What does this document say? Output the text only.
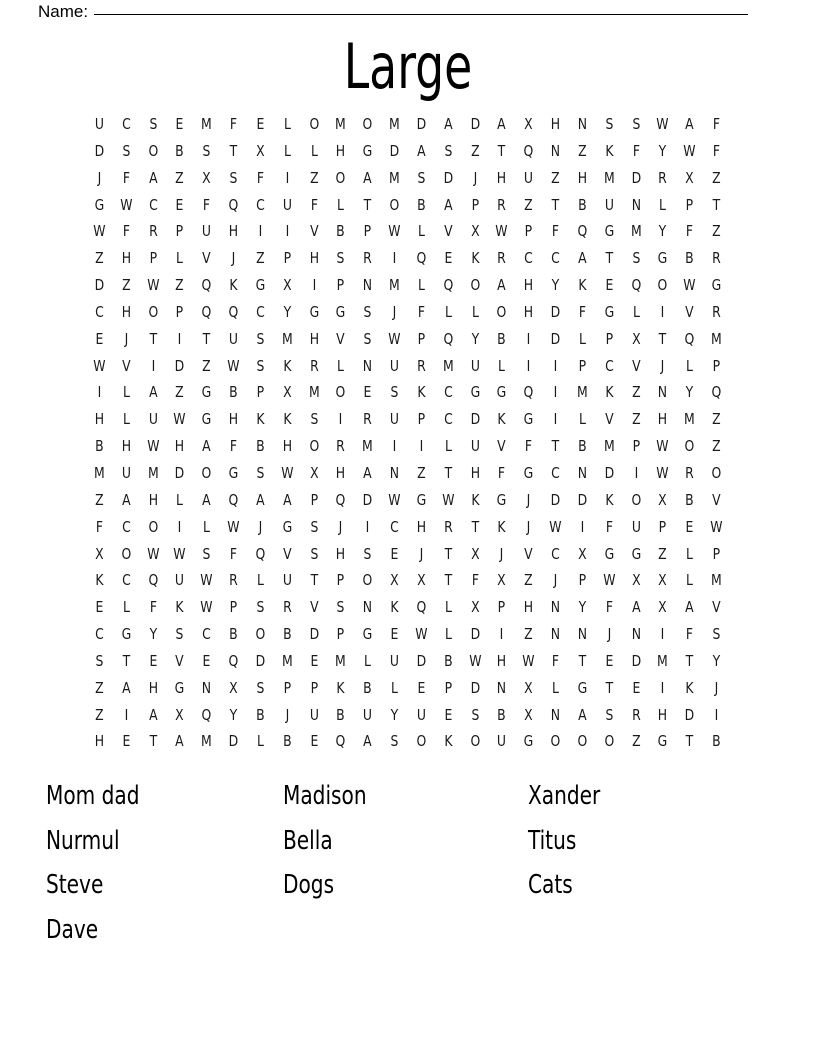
Name:
Large
U	C	S	E	M	F	E	L	O	M	O	M	D	A	D	A	X	H	N	S	S	W	A	F
D	S	O	B	S	T	X	L	L	H	G	D	A	S	Z	T	Q	N	Z	K	F	Y	W	F
J	F	A	Z	X	S	F	I	Z	O	A	M	S	D	J	H	U	Z	H	M	D	R	X	Z
G	W	C	E	F	Q	C	U	F	L	T	O	B	A	P	R	Z	T	B	U	N	L	P	T
W	F	R	P	U	H	I	I	V	B	P	W	L	V	X	W	P	F	Q	G	M	Y	F	Z
Z	H	P	L	V	J	Z	P	H	S	R	I	Q	E	K	R	C	C	A	T	S	G	B	R
D	Z	W	Z	Q	K	G	X	I	P	N	M	L	Q	O	A	H	Y	K	E	Q	O	W	G
C	H	O	P	Q	Q	C	Y	G	G	S	J	F	L	L	O	H	D	F	G	L	I	V	R
E	J	T	I	T	U	S	M	H	V	S	W	P	Q	Y	B	I	D	L	P	X	T	Q	M
W	V	I	D	Z	W	S	K	R	L	N	U	R	M	U	L	I	I	P	C	V	J	L	P
I	L	A	Z	G	B	P	X	M	O	E	S	K	C	G	G	Q	I	M	K	Z	N	Y	Q
H	L	U	W	G	H	K	K	S	I	R	U	P	C	D	K	G	I	L	V	Z	H	M	Z
B	H	W	H	A	F	B	H	O	R	M	I	I	L	U	V	F	T	B	M	P	W	O	Z
M	U	M	D	O	G	S	W	X	H	A	N	Z	T	H	F	G	C	N	D	I	W	R	O
Z	A	H	L	A	Q	A	A	P	Q	D	W	G	W	K	G	J	D	D	K	O	X	B	V
F	C	O	I	L	W	J	G	S	J	I	C	H	R	T	K	J	W	I	F	U	P	E	W
X	O	W W	S	F	Q	V	S	H	S	E	J	T	X	J	V	C	X	G	G	Z	L	P
K	C	Q	U	W	R	L	U	T	P	O	X	X	T	F	X	Z	J	P	W	X	X	L	M
E	L	F	K	W	P	S	R	V	S	N	K	Q	L	X	P	H	N	Y	F	A	X	A	V
C	G	Y	S	C	B	O	B	D	P	G	E	W	L	D	I	Z	N	N	J	N	I	F	S
S	T	E	V	E	Q	D	M	E	M	L	U	D	B	W	H	W	F	T	E	D	M	T	Y
Z	A	H	G	N	X	S	P	P	K	B	L	E	P	D	N	X	L	G	T	E	I	K	J
Z	I	A	X	Q	Y	B	J	U	B	U	Y	U	E	S	B	X	N	A	S	R	H	D	I
H	E	T	A	M	D	L	B	E	Q	A	S	O	K	O	U	G	O	O	O	Z	G	T	B
Mom dad	Madison	Xander
Nurmul	Bella	Titus
Steve	Dogs	Cats
Dave
